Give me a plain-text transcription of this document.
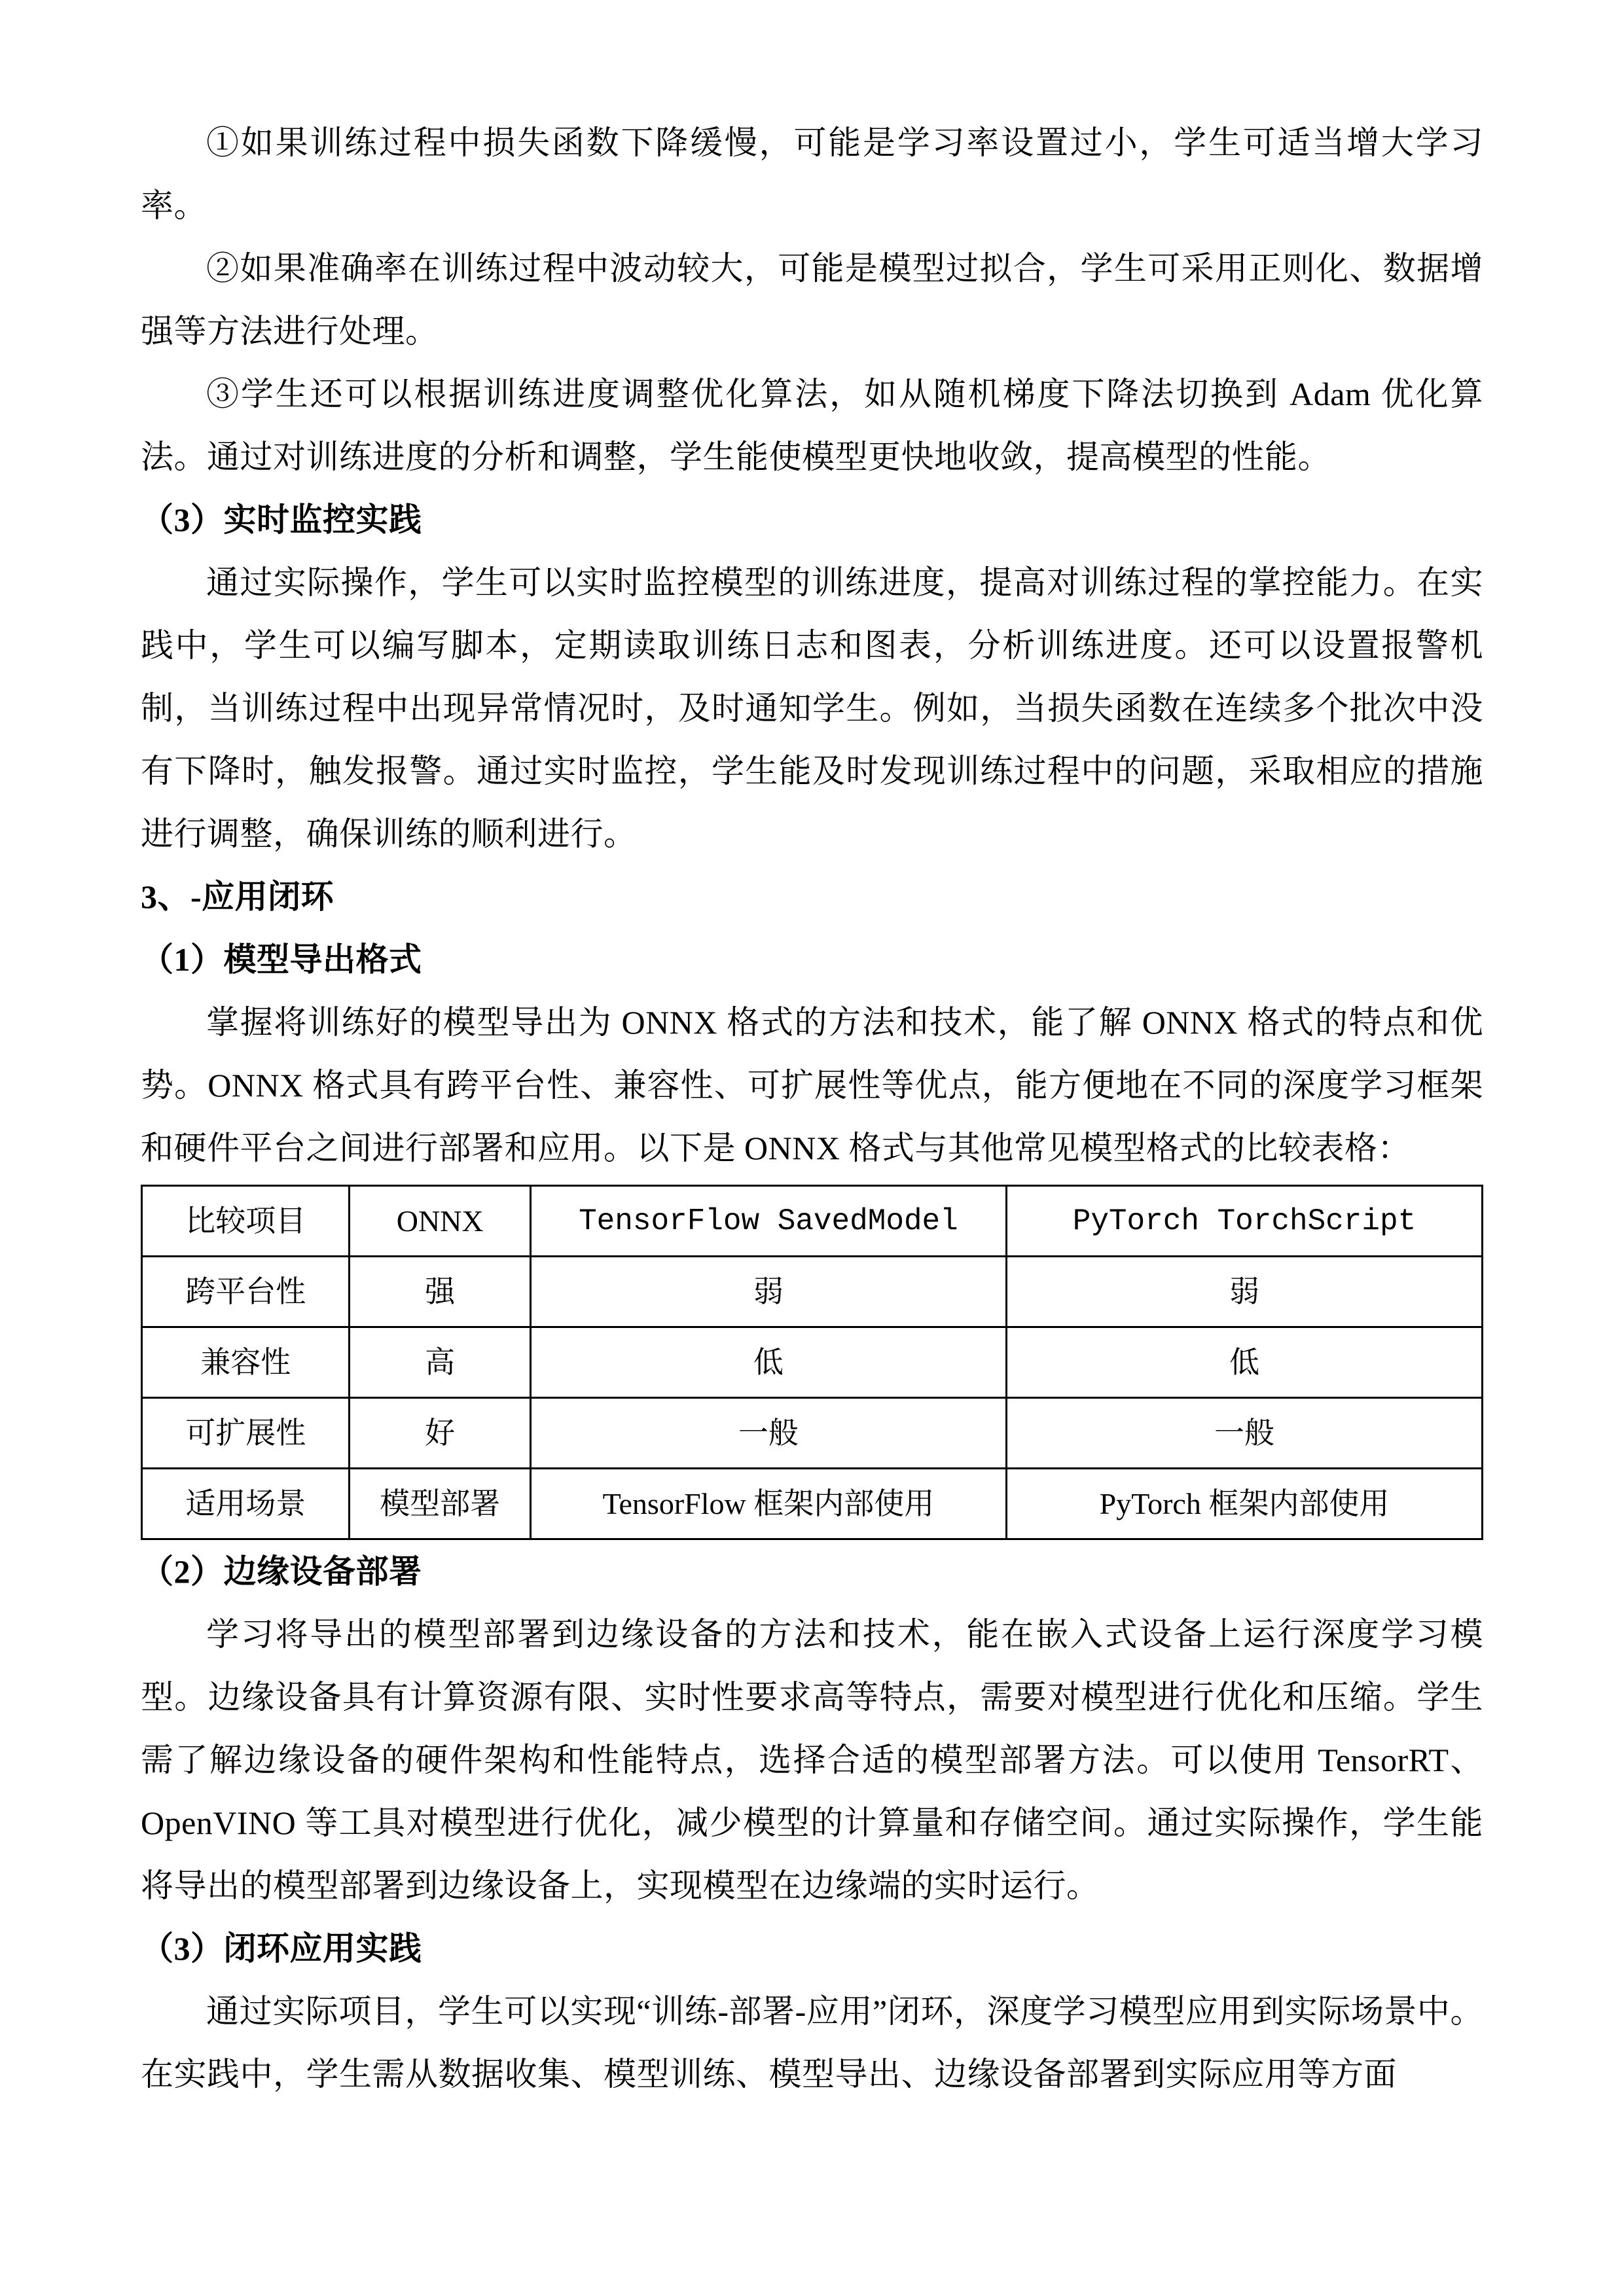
①如果训练过程中损失函数下降缓慢，可能是学习率设置过小，学生可适当增大学习率。

②如果准确率在训练过程中波动较大，可能是模型过拟合，学生可采用正则化、数据增强等方法进行处理。

③学生还可以根据训练进度调整优化算法，如从随机梯度下降法切换到 Adam 优化算法。通过对训练进度的分析和调整，学生能使模型更快地收敛，提高模型的性能。

（3）实时监控实践

通过实际操作，学生可以实时监控模型的训练进度，提高对训练过程的掌控能力。在实践中，学生可以编写脚本，定期读取训练日志和图表，分析训练进度。还可以设置报警机制，当训练过程中出现异常情况时，及时通知学生。例如，当损失函数在连续多个批次中没有下降时，触发报警。通过实时监控，学生能及时发现训练过程中的问题，采取相应的措施进行调整，确保训练的顺利进行。

3、-应用闭环
（1）模型导出格式

掌握将训练好的模型导出为 ONNX 格式的方法和技术，能了解 ONNX 格式的特点和优势。ONNX 格式具有跨平台性、兼容性、可扩展性等优点，能方便地在不同的深度学习框架和硬件平台之间进行部署和应用。以下是 ONNX 格式与其他常见模型格式的比较表格：

比较项目	ONNX	TensorFlow SavedModel	PyTorch TorchScript
跨平台性	强	弱	弱
兼容性	高	低	低
可扩展性	好	一般	一般
适用场景	模型部署	TensorFlow 框架内部使用	PyTorch 框架内部使用
（2）边缘设备部署

学习将导出的模型部署到边缘设备的方法和技术，能在嵌入式设备上运行深度学习模型。边缘设备具有计算资源有限、实时性要求高等特点，需要对模型进行优化和压缩。学生需了解边缘设备的硬件架构和性能特点，选择合适的模型部署方法。可以使用 TensorRT、OpenVINO 等工具对模型进行优化，减少模型的计算量和存储空间。通过实际操作，学生能将导出的模型部署到边缘设备上，实现模型在边缘端的实时运行。

（3）闭环应用实践

通过实际项目，学生可以实现“训练-部署-应用”闭环，深度学习模型应用到实际场景中。在实践中，学生需从数据收集、模型训练、模型导出、边缘设备部署到实际应用等方面
